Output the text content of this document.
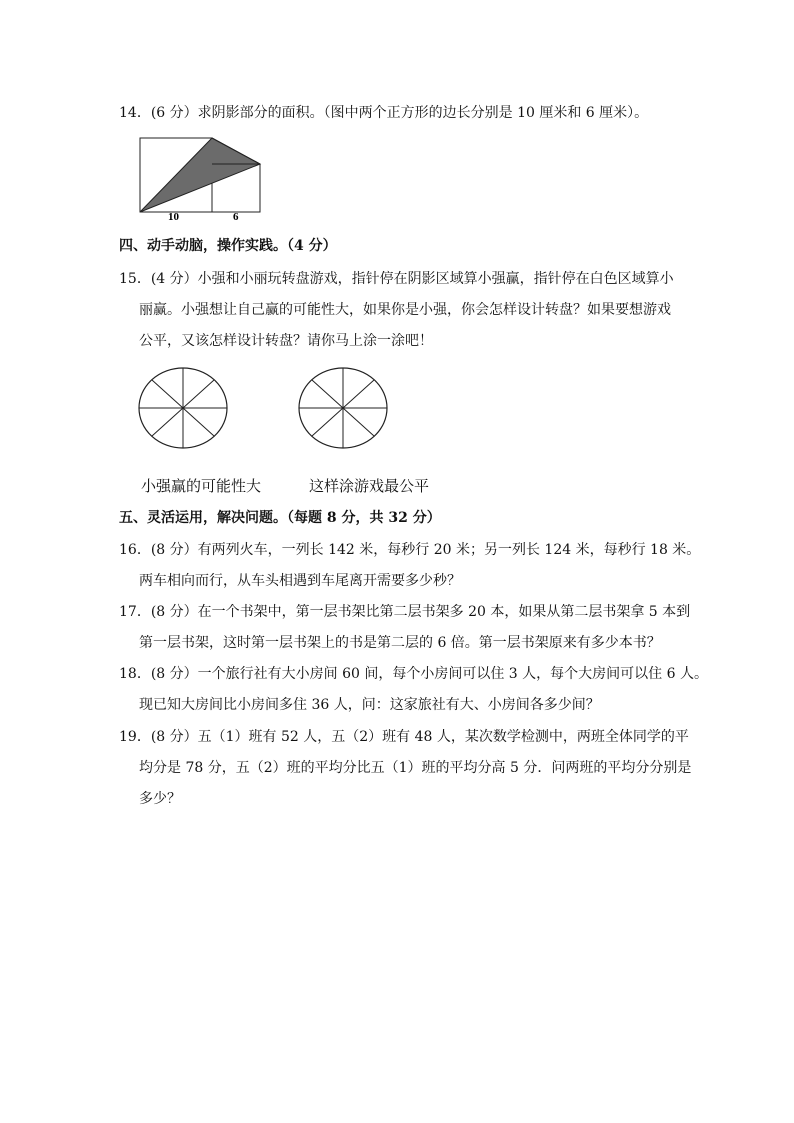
14．(6 分）求阴影部分的面积。（图中两个正方形的边长分别是 10 厘米和 6 厘米）。
10	6
四、动手动脑，操作实践。（4 分）
15．(4 分）小强和小丽玩转盘游戏，指针停在阴影区域算小强赢，指针停在白色区域算小
丽赢。小强想让自己赢的可能性大，如果你是小强，你会怎样设计转盘？如果要想游戏
公平，又该怎样设计转盘？请你马上涂一涂吧！
小强赢的可能性大	这样涂游戏最公平
五、灵活运用，解决问题。（每题 8 分，共 32 分）
16．(8 分）有两列火车，一列长 142 米，每秒行 20 米；另一列长 124 米，每秒行 18 米。
两车相向而行，从车头相遇到车尾离开需要多少秒？
17．(8 分）在一个书架中，第一层书架比第二层书架多 20 本，如果从第二层书架拿 5 本到
第一层书架，这时第一层书架上的书是第二层的 6 倍。第一层书架原来有多少本书？
18．(8 分）一个旅行社有大小房间 60 间，每个小房间可以住 3 人，每个大房间可以住 6 人。
现已知大房间比小房间多住 36 人，问：这家旅社有大、小房间各多少间？
19．(8 分）五（1）班有 52 人，五（2）班有 48 人，某次数学检测中，两班全体同学的平
均分是 78 分，五（2）班的平均分比五（1）班的平均分高 5 分．问两班的平均分分别是
多少？
